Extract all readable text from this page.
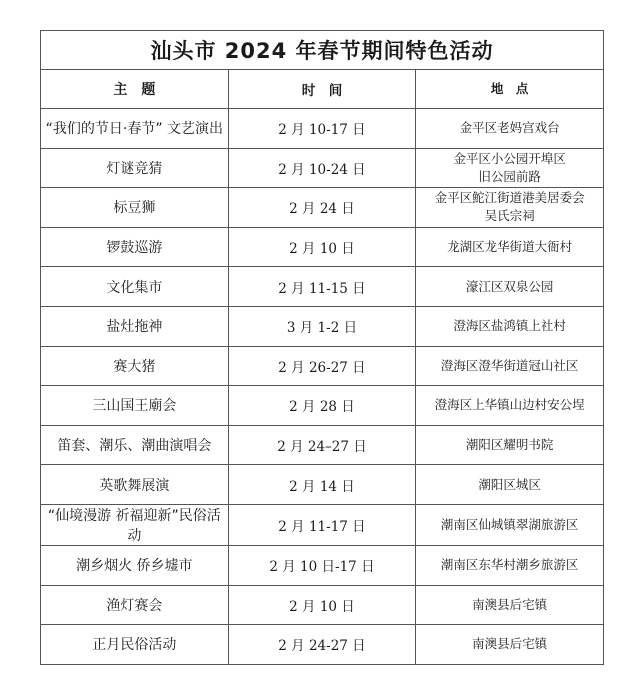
汕头市 2024 年春节期间特色活动		
主　题	时　间	地　点
“我们的节日·春节” 文艺演出	2 月 10-17 日	金平区老妈宫戏台

灯谜竞猜	2 月 10-24 日	金平区小公园开埠区
旧公园前路

标豆狮	2 月 24 日	金平区鮀江街道港美居委会
吴氏宗祠

锣鼓巡游	2 月 10 日	龙湖区龙华街道大衙村

文化集市	2 月 11-15 日	濠江区双泉公园

盐灶拖神	3 月 1-2 日	澄海区盐鸿镇上社村

赛大猪	2 月 26-27 日	澄海区澄华街道冠山社区

三山国王廟会	2 月 28 日	澄海区上华镇山边村安公埕

笛套、潮乐、潮曲演唱会	2 月 24–27 日	潮阳区耀明书院

英歌舞展演	2 月 14 日	潮阳区城区

“仙境漫游 祈福迎新”民俗活动	2 月 11-17 日	潮南区仙城镇翠湖旅游区

潮乡烟火 侨乡墟市	2 月 10 日-17 日	潮南区东华村潮乡旅游区

渔灯赛会	2 月 10 日	南澳县后宅镇

正月民俗活动	2 月 24-27 日	南澳县后宅镇
